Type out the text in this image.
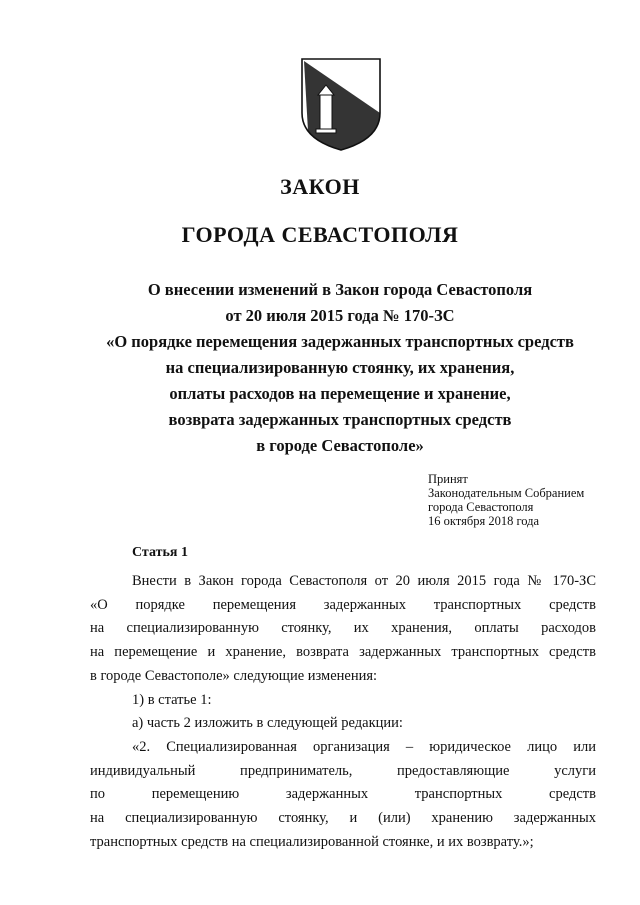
ЗАКОН
ГОРОДА СЕВАСТОПОЛЯ
О внесении изменений в Закон города Севастополя
от 20 июля 2015 года № 170-ЗС
«О порядке перемещения задержанных транспортных средств
на специализированную стоянку, их хранения,
оплаты расходов на перемещение и хранение,
возврата задержанных транспортных средств
в городе Севастополе»
Принят
Законодательным Собранием
города Севастополя
16 октября 2018 года
Статья 1

Внести в Закон города Севастополя от 20 июля 2015 года № 170-ЗС

«О порядке перемещения задержанных транспортных средств

на специализированную стоянку, их хранения, оплаты расходов

на перемещение и хранение, возврата задержанных транспортных средств

в городе Севастополе» следующие изменения:

1) в статье 1:

а) часть 2 изложить в следующей редакции:

«2. Специализированная организация – юридическое лицо или

индивидуальный предприниматель, предоставляющие услуги

по перемещению задержанных транспортных средств

на специализированную стоянку, и (или) хранению задержанных

транспортных средств на специализированной стоянке, и их возврату.»;
